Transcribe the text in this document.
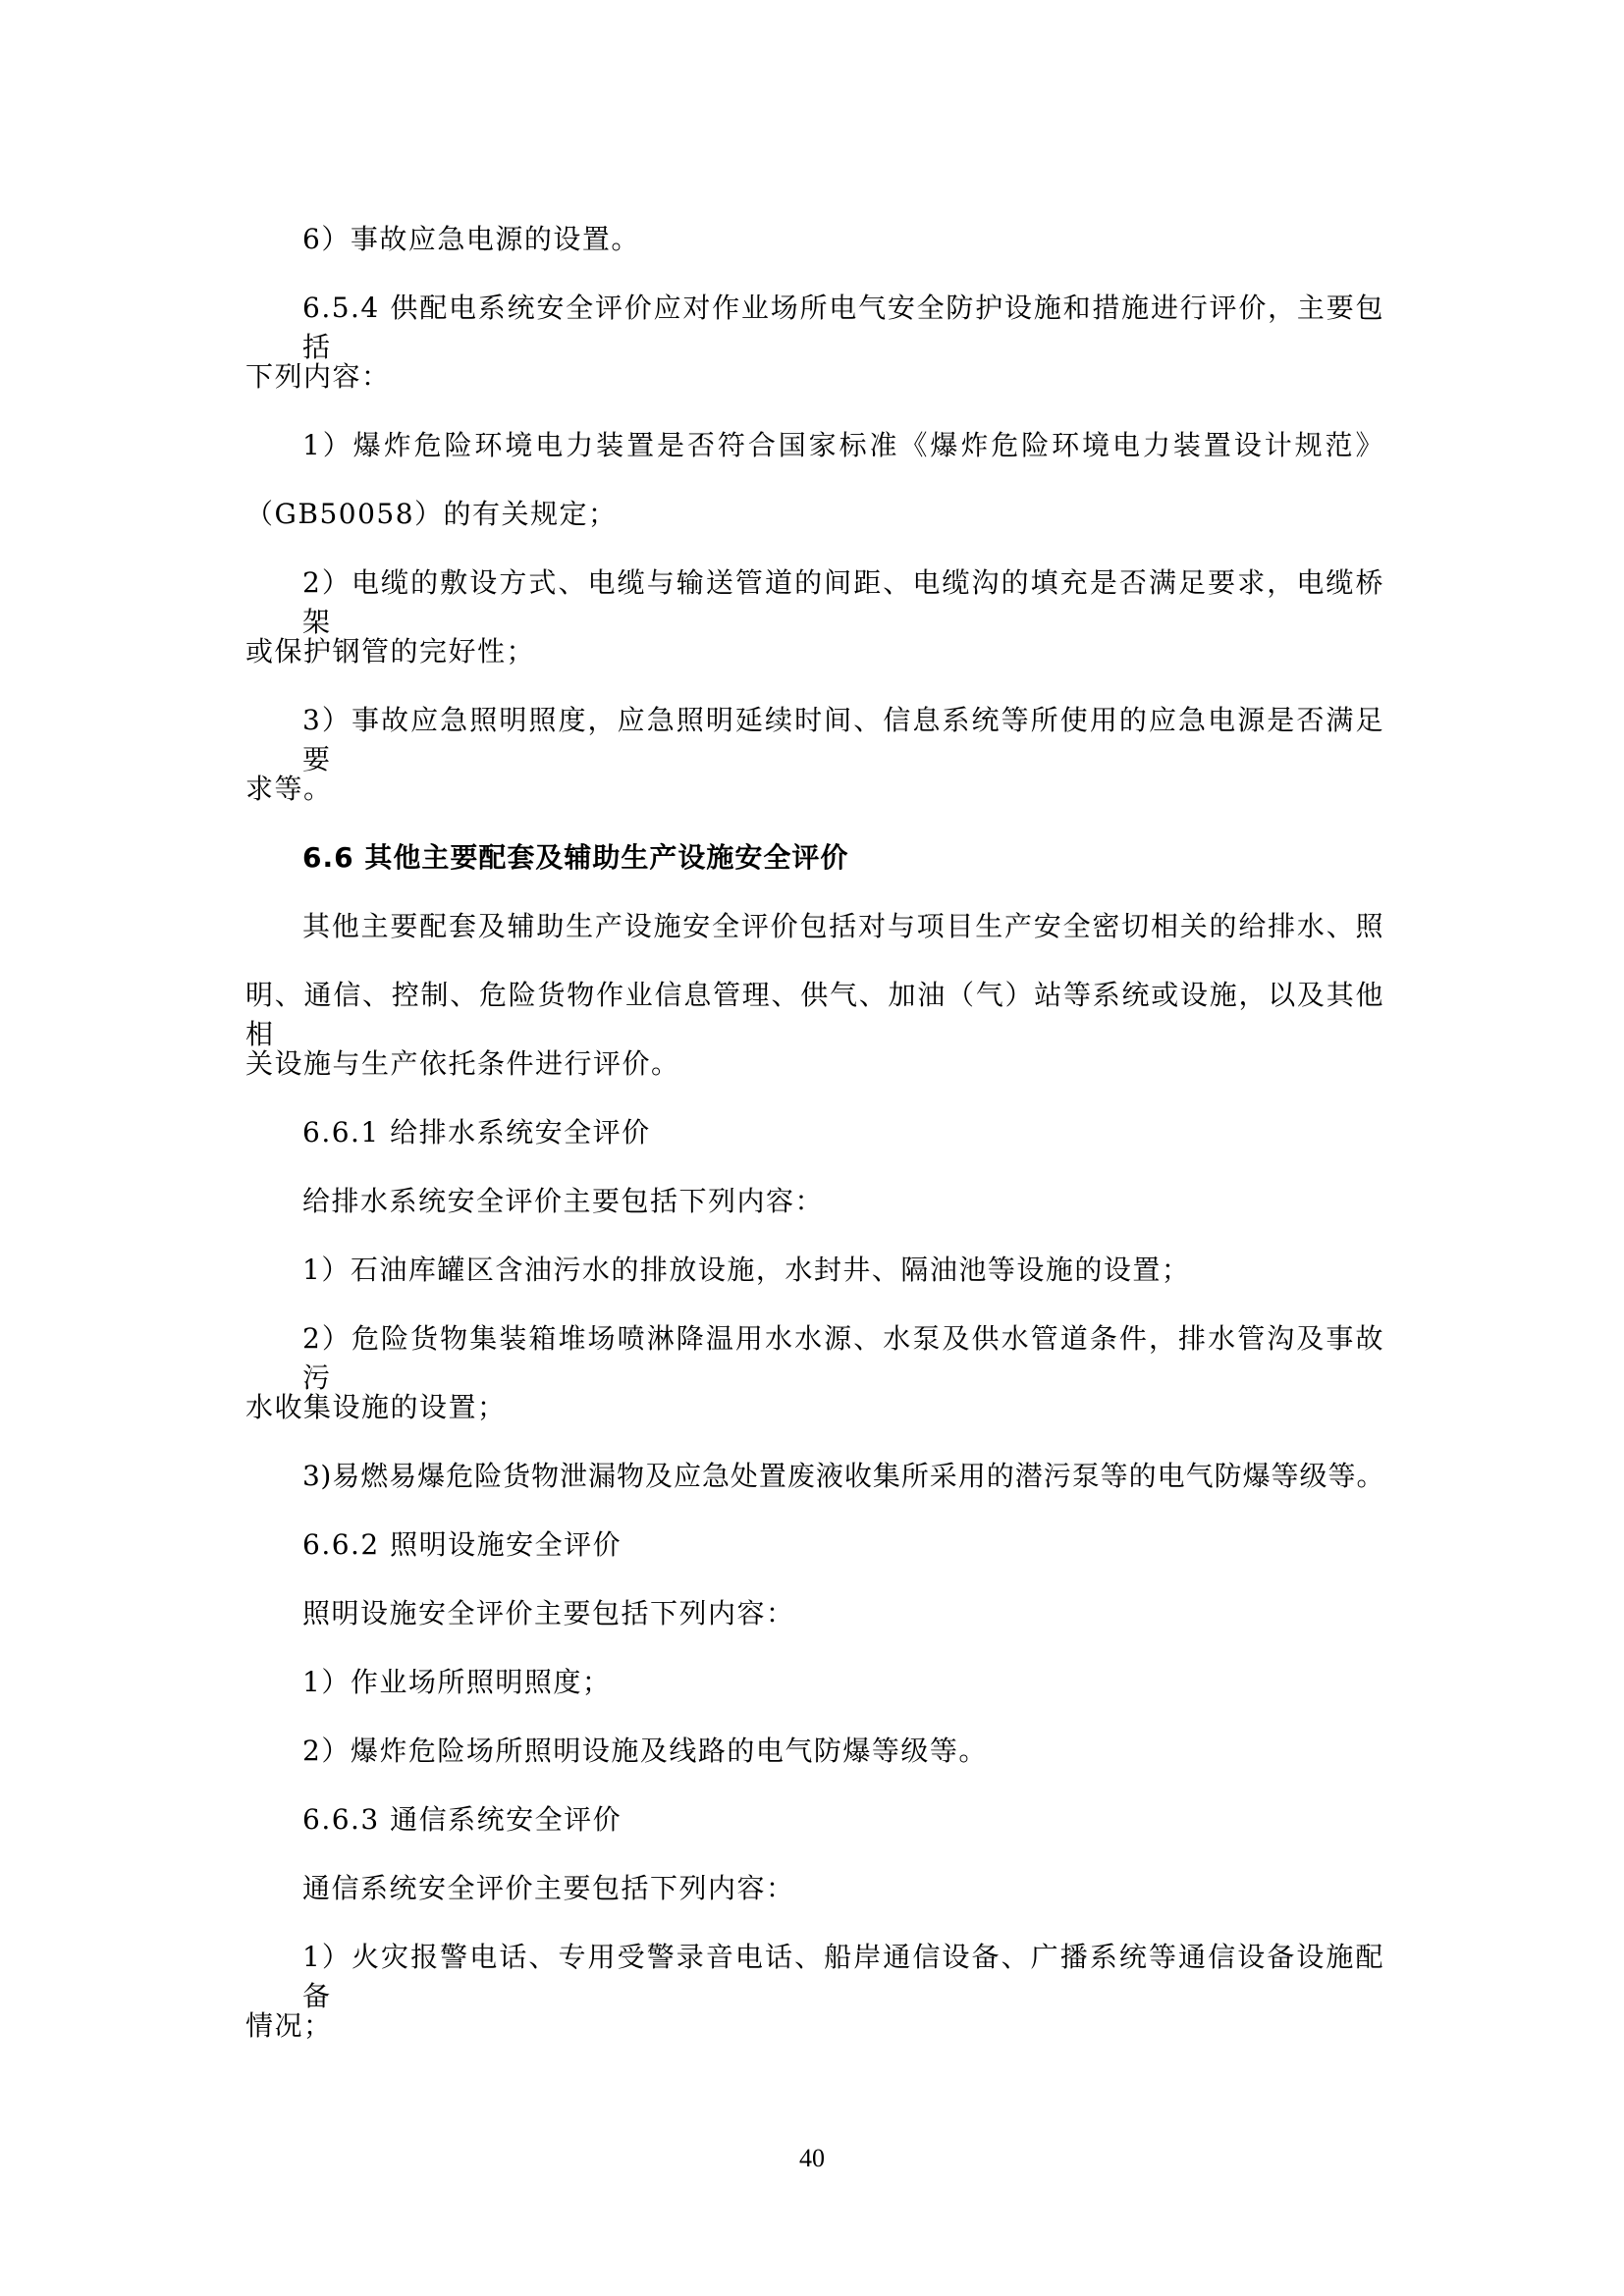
6）事故应急电源的设置。
6.5.4 供配电系统安全评价应对作业场所电气安全防护设施和措施进行评价，主要包括
下列内容：
1）爆炸危险环境电力装置是否符合国家标准《爆炸危险环境电力装置设计规范》
（GB50058）的有关规定；
2）电缆的敷设方式、电缆与输送管道的间距、电缆沟的填充是否满足要求，电缆桥架
或保护钢管的完好性；
3）事故应急照明照度，应急照明延续时间、信息系统等所使用的应急电源是否满足要
求等。
6.6 其他主要配套及辅助生产设施安全评价
其他主要配套及辅助生产设施安全评价包括对与项目生产安全密切相关的给排水、照
明、通信、控制、危险货物作业信息管理、供气、加油（气）站等系统或设施，以及其他相
关设施与生产依托条件进行评价。
6.6.1 给排水系统安全评价
给排水系统安全评价主要包括下列内容：
1）石油库罐区含油污水的排放设施，水封井、隔油池等设施的设置；
2）危险货物集装箱堆场喷淋降温用水水源、水泵及供水管道条件，排水管沟及事故污
水收集设施的设置；
3)易燃易爆危险货物泄漏物及应急处置废液收集所采用的潜污泵等的电气防爆等级等。
6.6.2 照明设施安全评价
照明设施安全评价主要包括下列内容：
1）作业场所照明照度；
2）爆炸危险场所照明设施及线路的电气防爆等级等。
6.6.3 通信系统安全评价
通信系统安全评价主要包括下列内容：
1）火灾报警电话、专用受警录音电话、船岸通信设备、广播系统等通信设备设施配备
情况；
40
